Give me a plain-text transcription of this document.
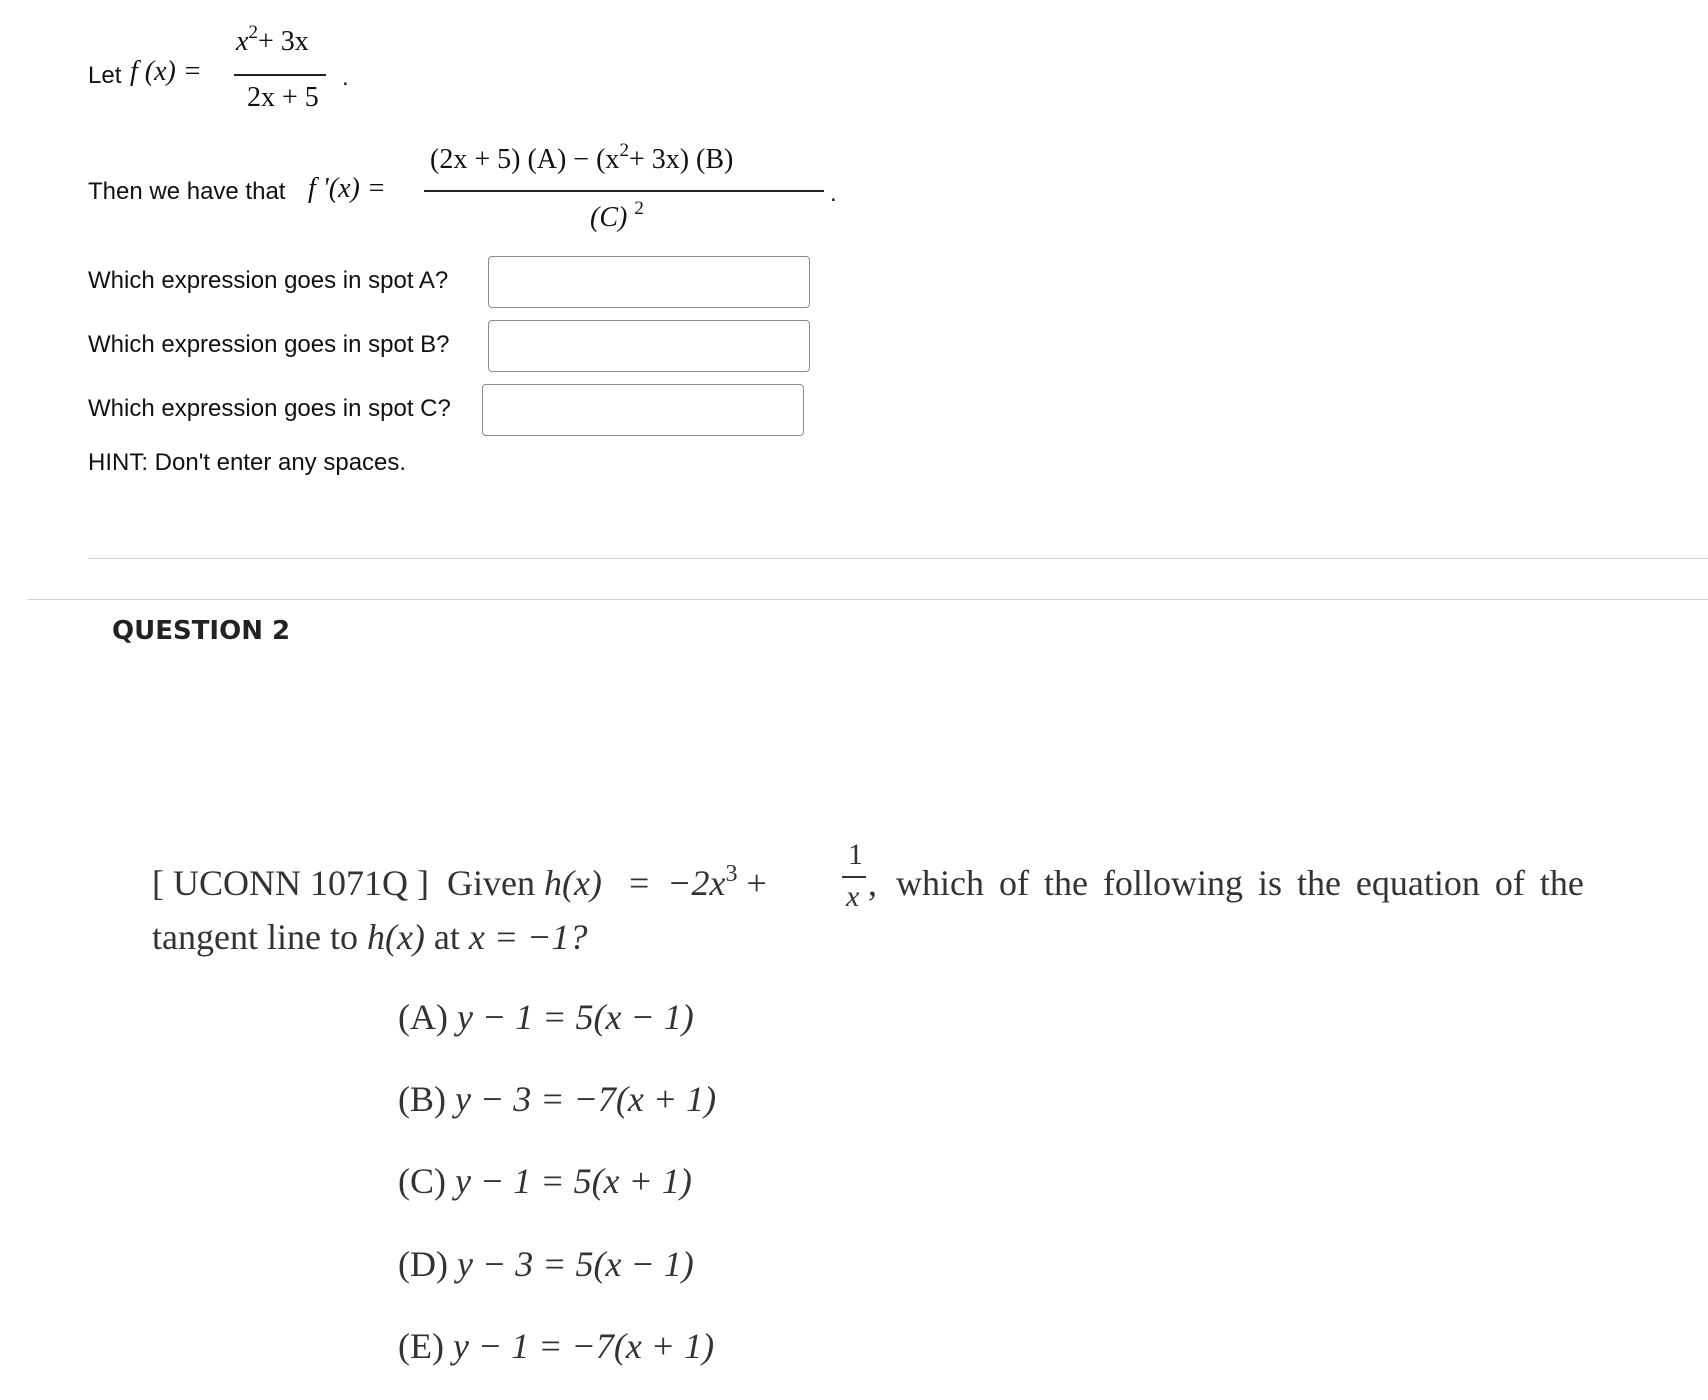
Let f (x) =
$x^2+ 3x$
2x + 5
.
Then we have that f '(x) =
(2x + 5) $(A) - (x^2+ 3x)$ (B)
(C) $^2$
.
Which expression goes in spot A?
Which expression goes in spot B?
Which expression goes in spot C?
HINT: Don't enter any spaces.
QUESTION 2
[ UCONN 1071Q ] Given $h(x) = -2x^3$ +
1
x , which of the following is the equation of the
tangent line to h(x) at x = −1?
(A) y − 1 = 5(x − 1)
(B) y − 3 = −7(x + 1)
(C) y − 1 = 5(x + 1)
(D) y − 3 = 5(x − 1)
(E) y − 1 = −7(x + 1)
